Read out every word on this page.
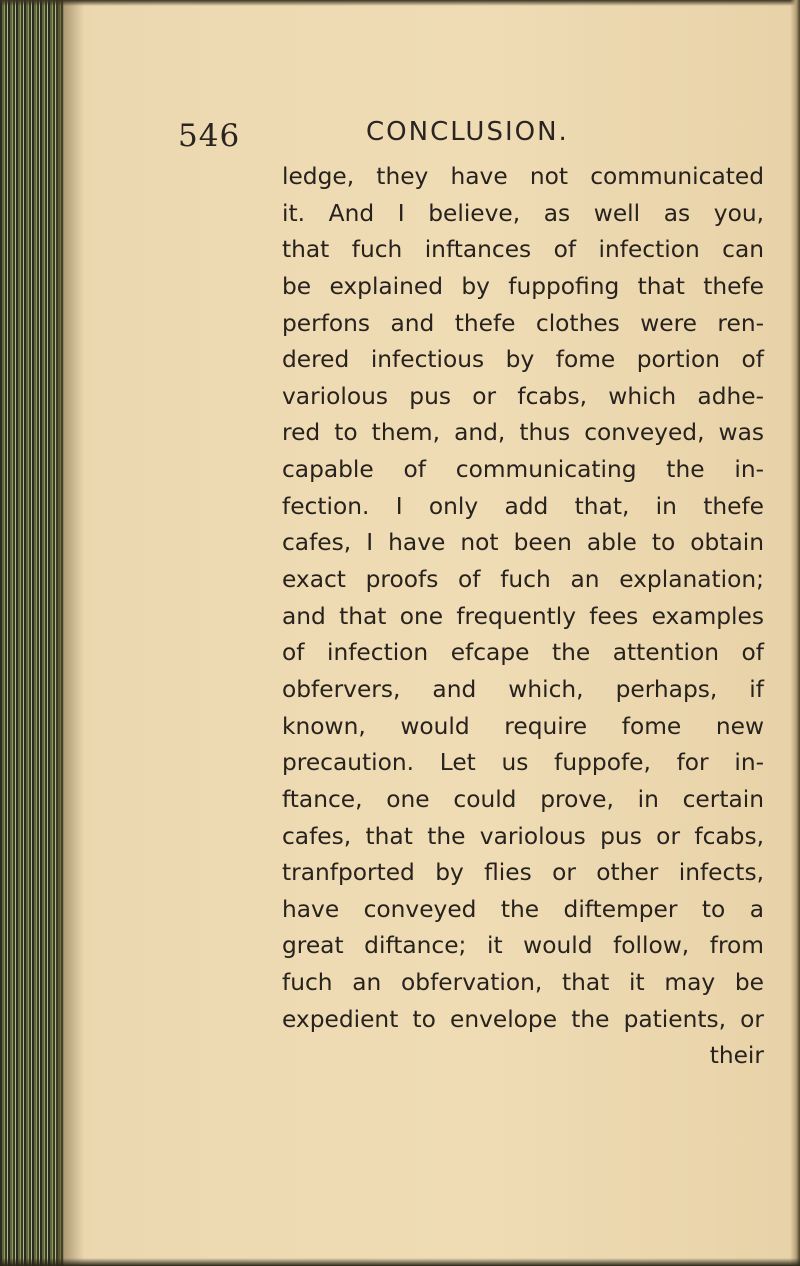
546	CONCLUSION.
ledge, they have not communicated
it. And I believe, as well as you,
that fuch inftances of infection can
be explained by fuppofing that thefe
perfons and thefe clothes were ren-
dered infectious by fome portion of
variolous pus or fcabs, which adhe-
red to them, and, thus conveyed, was
capable of communicating the in-
fection. I only add that, in thefe
cafes, I have not been able to obtain
exact proofs of fuch an explanation;
and that one frequently fees examples
of infection efcape the attention of
obfervers, and which, perhaps, if
known, would require fome new
precaution. Let us fuppofe, for in-
ftance, one could prove, in certain
cafes, that the variolous pus or fcabs,
tranfported by flies or other infects,
have conveyed the diftemper to a
great diftance; it would follow, from
fuch an obfervation, that it may be
expedient to envelope the patients, or
their
